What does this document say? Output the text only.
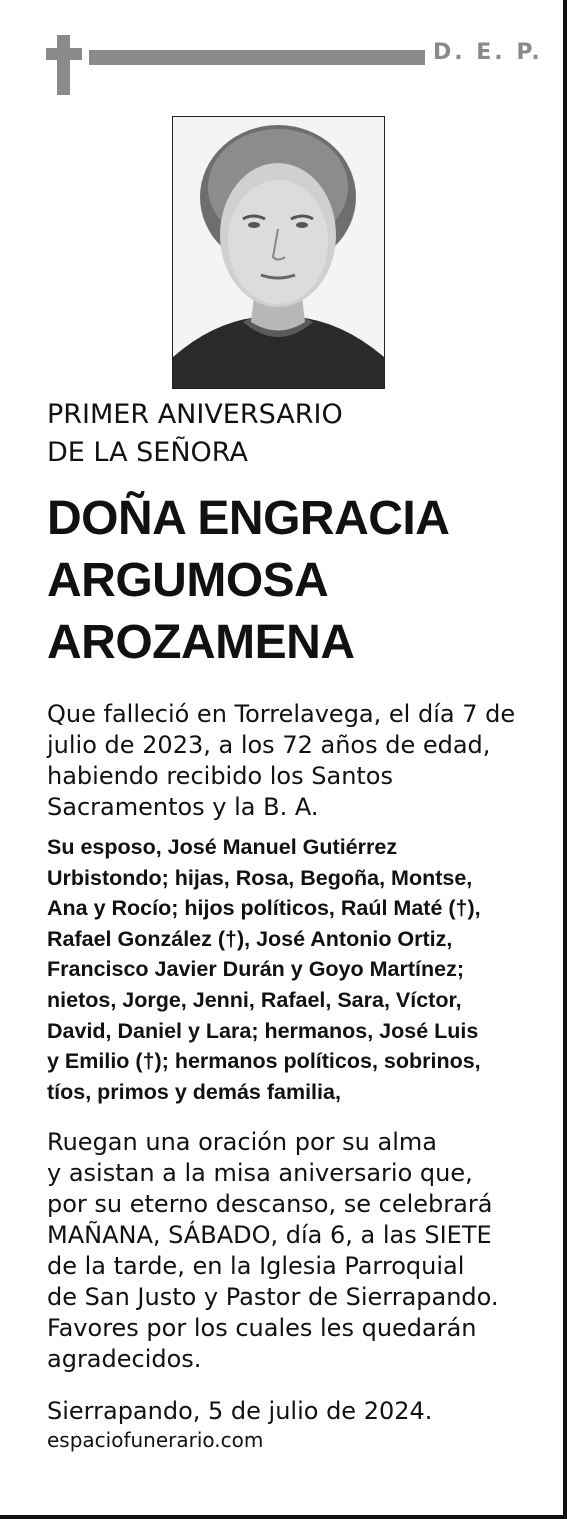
D. E. P.
PRIMER ANIVERSARIO
DE LA SEÑORA
DOÑA ENGRACIA
ARGUMOSA
AROZAMENA
Que falleció en Torrelavega, el día 7 de
julio de 2023, a los 72 años de edad,
habiendo recibido los Santos
Sacramentos y la B. A.
Su esposo, José Manuel Gutiérrez
Urbistondo; hijas, Rosa, Begoña, Montse,
Ana y Rocío; hijos políticos, Raúl Maté (†),
Rafael González (†), José Antonio Ortiz,
Francisco Javier Durán y Goyo Martínez;
nietos, Jorge, Jenni, Rafael, Sara, Víctor,
David, Daniel y Lara; hermanos, José Luis
y Emilio (†); hermanos políticos, sobrinos,
tíos, primos y demás familia,
Ruegan una oración por su alma
y asistan a la misa aniversario que,
por su eterno descanso, se celebrará
MAÑANA, SÁBADO, día 6, a las SIETE
de la tarde, en la Iglesia Parroquial
de San Justo y Pastor de Sierrapando.
Favores por los cuales les quedarán
agradecidos.
Sierrapando, 5 de julio de 2024.
espaciofunerario.com
